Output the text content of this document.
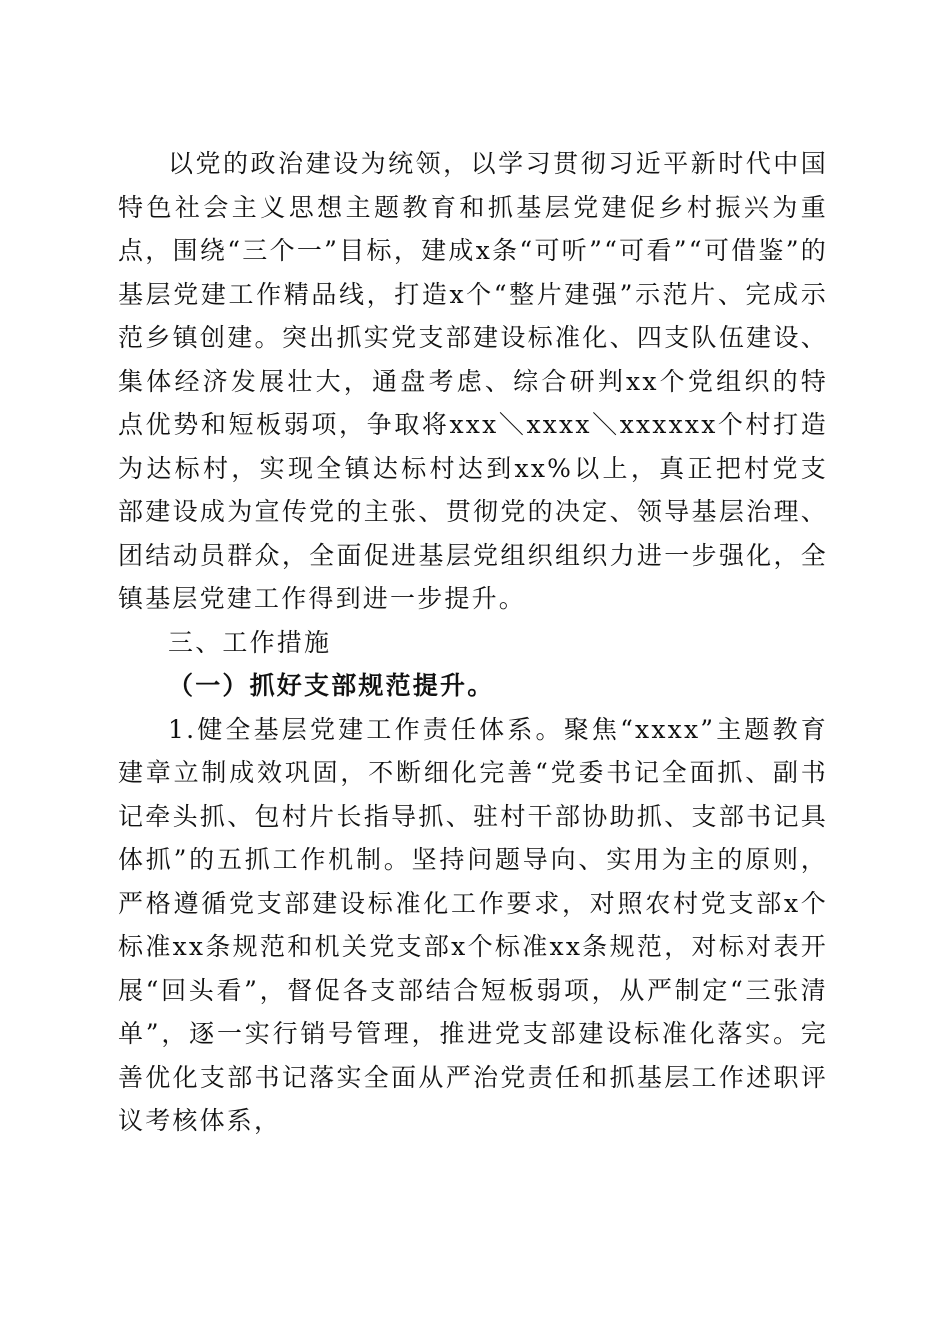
以党的政治建设为统领，以学习贯彻习近平新时代中国特色社会主义思想主题教育和抓基层党建促乡村振兴为重点，围绕“三个一”目标，建成x条“可听”“可看”“可借鉴”的基层党建工作精品线，打造x个“整片建强”示范片、完成示范乡镇创建。突出抓实党支部建设标准化、四支队伍建设、集体经济发展壮大，通盘考虑、综合研判xx个党组织的特点优势和短板弱项，争取将xxx＼xxxx＼xxxxxx个村打造为达标村，实现全镇达标村达到xx%以上，真正把村党支部建设成为宣传党的主张、贯彻党的决定、领导基层治理、团结动员群众，全面促进基层党组织组织力进一步强化，全镇基层党建工作得到进一步提升。

三、工作措施

（一）抓好支部规范提升。

1.健全基层党建工作责任体系。聚焦“xxxx”主题教育建章立制成效巩固，不断细化完善“党委书记全面抓、副书记牵头抓、包村片长指导抓、驻村干部协助抓、支部书记具体抓”的五抓工作机制。坚持问题导向、实用为主的原则，严格遵循党支部建设标准化工作要求，对照农村党支部x个标准xx条规范和机关党支部x个标准xx条规范，对标对表开展“回头看”，督促各支部结合短板弱项，从严制定“三张清单”，逐一实行销号管理，推进党支部建设标准化落实。完善优化支部书记落实全面从严治党责任和抓基层工作述职评议考核体系，
